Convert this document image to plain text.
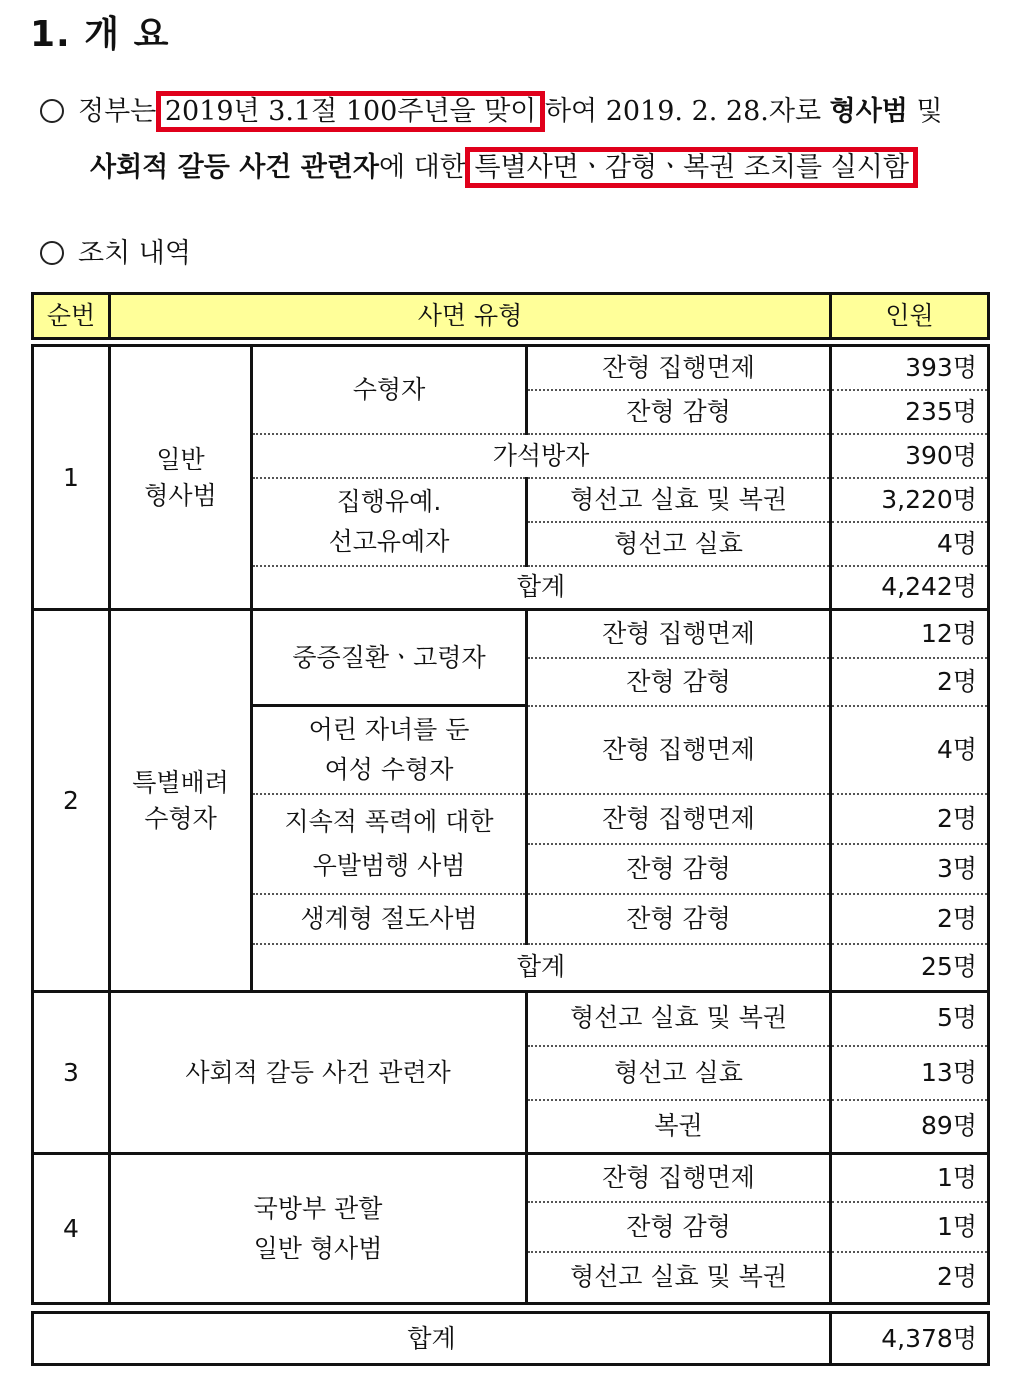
1. 개 요
정부는 2019년 3.1절 100주년을 맞이 하여 2019. 2. 28.자로 형사범 및
사회적 갈등 사건 관련자에 대한 특별사면ㆍ감형ㆍ복권 조치를 실시함
조치 내역
순번	사면 유형			인원

1	일반
형사범	수형자	잔형 집행면제	393명
			잔형 감형	235명
		가석방자		390명
		집행유예.
선고유예자	형선고 실효 및 복권	3,220명
			형선고 실효	4명
		합계		4,242명
2	특별배려
수형자	중증질환ㆍ고령자	잔형 집행면제	12명
			잔형 감형	2명
		어린 자녀를 둔
여성 수형자	잔형 집행면제	4명
		지속적 폭력에 대한
우발범행 사범	잔형 집행면제	2명
			잔형 감형	3명
		생계형 절도사범	잔형 감형	2명
		합계		25명

3	사회적 갈등 사건 관련자		형선고 실효 및 복권	5명
			형선고 실효	13명
			복권	89명
4	국방부 관할
일반 형사범		잔형 집행면제	1명
			잔형 감형	1명
			형선고 실효 및 복권	2명

합계				4,378명
